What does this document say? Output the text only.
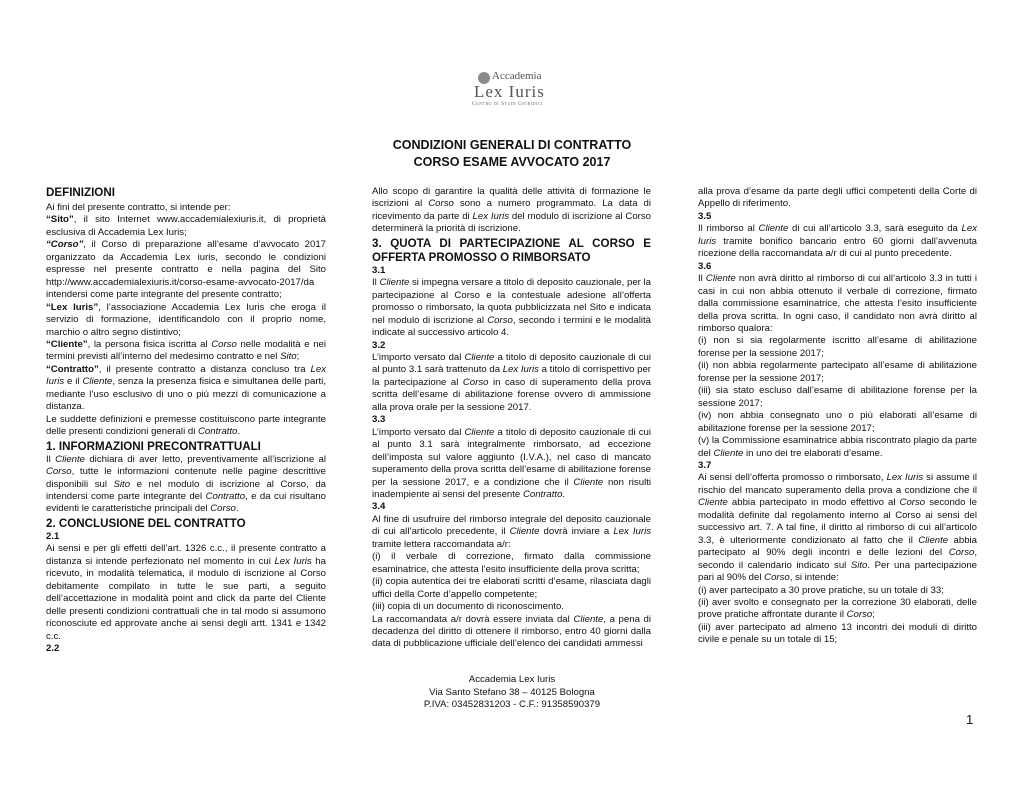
Accademia
Lex Iuris
Centro di Studi Giuridici
CONDIZIONI GENERALI DI CONTRATTO
CORSO ESAME AVVOCATO 2017
DEFINIZIONI

Ai fini del presente contratto, si intende per:

“Sito”, il sito Internet www.accademialexiuris.it, di proprietà esclusiva di Accademia Lex Iuris;

“Corso”, il Corso di preparazione all’esame d’avvocato 2017 organizzato da Accademia Lex iuris, secondo le condizioni espresse nel presente contratto e nella pagina del Sito http://www.accademialexiuris.it/corso-esame-avvocato-2017/da intendersi come parte integrante del presente contratto;

“Lex Iuris”, l’associazione Accademia Lex Iuris che eroga il servizio di formazione, identificandolo con il proprio nome, marchio o altro segno distintivo;

“Cliente”, la persona fisica iscritta al Corso nelle modalità e nei termini previsti all’interno del medesimo contratto e nel Sito;

“Contratto”, il presente contratto a distanza concluso tra Lex Iuris e il Cliente, senza la presenza fisica e simultanea delle parti, mediante l’uso esclusivo di uno o più mezzi di comunicazione a distanza.

Le suddette definizioni e premesse costituiscono parte integrante delle presenti condizioni generali di Contratto.

1. INFORMAZIONI PRECONTRATTUALI

Il Cliente dichiara di aver letto, preventivamente all’iscrizione al Corso, tutte le informazioni contenute nelle pagine descrittive disponibili sul Sito e nel modulo di iscrizione al Corso, da intendersi come parte integrante del Contratto, e da cui risultano evidenti le caratteristiche principali del Corso.

2. CONCLUSIONE DEL CONTRATTO

2.1

Ai sensi e per gli effetti dell’art. 1326 c.c., il presente contratto a distanza si intende perfezionato nel momento in cui Lex Iuris ha ricevuto, in modalità telematica, il modulo di iscrizione al Corso debitamente compilato in tutte le sue parti, a seguito dell’accettazione in modalità point and click da parte del Cliente delle presenti condizioni contrattuali che in tal modo si assumono riconosciute ed approvate anche ai sensi degli artt. 1341 e 1342 c.c.

2.2

Allo scopo di garantire la qualità delle attività di formazione le iscrizioni al Corso sono a numero programmato. La data di ricevimento da parte di Lex Iuris del modulo di iscrizione al Corso determinerà la priorità di iscrizione.

3. QUOTA DI PARTECIPAZIONE AL CORSO E OFFERTA PROMOSSO O RIMBORSATO

3.1

Il Cliente si impegna versare a titolo di deposito cauzionale, per la partecipazione al Corso e la contestuale adesione all’offerta promosso o rimborsato, la quota pubblicizzata nel Sito e indicata nel modulo di iscrizione al Corso, secondo i termini e le modalità indicate al successivo articolo 4.

3.2

L’importo versato dal Cliente a titolo di deposito cauzionale di cui al punto 3.1 sarà trattenuto da Lex Iuris a titolo di corrispettivo per la partecipazione al Corso in caso di superamento della prova scritta dell’esame di abilitazione forense ovvero di ammissione alla prova orale per la sessione 2017.

3.3

L’importo versato dal Cliente a titolo di deposito cauzionale di cui al punto 3.1 sarà integralmente rimborsato, ad eccezione dell’imposta sul valore aggiunto (I.V.A.), nel caso di mancato superamento della prova scritta dell’esame di abilitazione forense per la sessione 2017, e a condizione che il Cliente non risulti inadempiente ai sensi del presente Contratto.

3.4

Al fine di usufruire del rimborso integrale del deposito cauzionale di cui all’articolo precedente, il Cliente dovrà inviare a Lex Iuris tramite lettera raccomandata a/r:

(i) il verbale di correzione, firmato dalla commissione esaminatrice, che attesta l’esito insufficiente della prova scritta;

(ii) copia autentica dei tre elaborati scritti d’esame, rilasciata dagli uffici della Corte d’appello competente;

(iii) copia di un documento di riconoscimento.

La raccomandata a/r dovrà essere inviata dal Cliente, a pena di decadenza del diritto di ottenere il rimborso, entro 40 giorni dalla data di pubblicazione ufficiale dell’elenco dei candidati ammessi

alla prova d’esame da parte degli uffici competenti della Corte di Appello di riferimento.

3.5

Il rimborso al Cliente di cui all’articolo 3.3, sarà eseguito da Lex Iuris tramite bonifico bancario entro 60 giorni dall’avvenuta ricezione della raccomandata a/r di cui al punto precedente.

3.6

Il Cliente non avrà diritto al rimborso di cui all’articolo 3.3 in tutti i casi in cui non abbia ottenuto il verbale di correzione, firmato dalla commissione esaminatrice, che attesta l’esito insufficiente della prova scritta. In ogni caso, il candidato non avrà diritto al rimborso qualora:

(i) non si sia regolarmente iscritto all’esame di abilitazione forense per la sessione 2017;

(ii) non abbia regolarmente partecipato all’esame di abilitazione forense per la sessione 2017;

(iii) sia stato escluso dall’esame di abilitazione forense per la sessione 2017;

(iv) non abbia consegnato uno o più elaborati all’esame di abilitazione forense per la sessione 2017;

(v) la Commissione esaminatrice abbia riscontrato plagio da parte del Cliente in uno dei tre elaborati d’esame.

3.7

Ai sensi dell’offerta promosso o rimborsato, Lex Iuris si assume il rischio del mancato superamento della prova a condizione che il Cliente abbia partecipato in modo effettivo al Corso secondo le modalità definite dal regolamento interno al Corso ai sensi del successivo art. 7. A tal fine, il diritto al rimborso di cui all’articolo 3.3, è ulteriormente condizionato al fatto che il Cliente abbia partecipato al 90% degli incontri e delle lezioni del Corso, secondo il calendario indicato sul Sito. Per una partecipazione pari al 90% del Corso, si intende:

(i) aver partecipato a 30 prove pratiche, su un totale di 33;

(ii) aver svolto e consegnato per la correzione 30 elaborati, delle prove pratiche affrontate durante il Corso;

(iii) aver partecipato ad almeno 13 incontri dei moduli di diritto civile e penale su un totale di 15;

Accademia Lex Iuris
Via Santo Stefano 38 – 40125 Bologna
P.IVA: 03452831203 - C.F.: 91358590379
1
